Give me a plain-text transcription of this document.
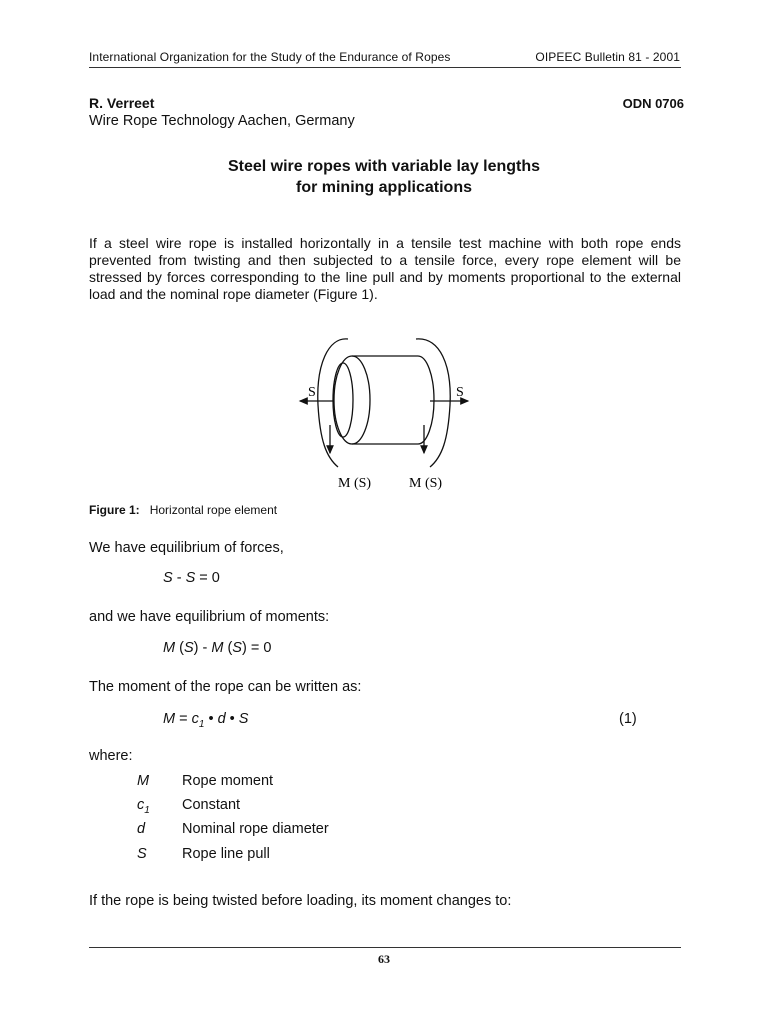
International Organization for the Study of the Endurance of Ropes	OIPEEC Bulletin 81 - 2001
R. Verreet
Wire Rope Technology Aachen, Germany
ODN 0706
Steel wire ropes with variable lay lengths
for mining applications
If a steel wire rope is installed horizontally in a tensile test machine with both rope ends prevented from twisting and then subjected to a tensile force, every rope element will be stressed by forces corresponding to the line pull and by moments proportional to the external load and the nominal rope diameter (Figure 1).
S	S
M (S)	M (S)
Figure 1: Horizontal rope element
We have equilibrium of forces,
S - S = 0
and we have equilibrium of moments:
M (S) - M (S) = 0
The moment of the rope can be written as:
$M = c_1$ • d • S	(1)
where:
M Rope moment
$c_1$ Constant
d	Nominal rope diameter
S Rope line pull
If the rope is being twisted before loading, its moment changes to:
63
